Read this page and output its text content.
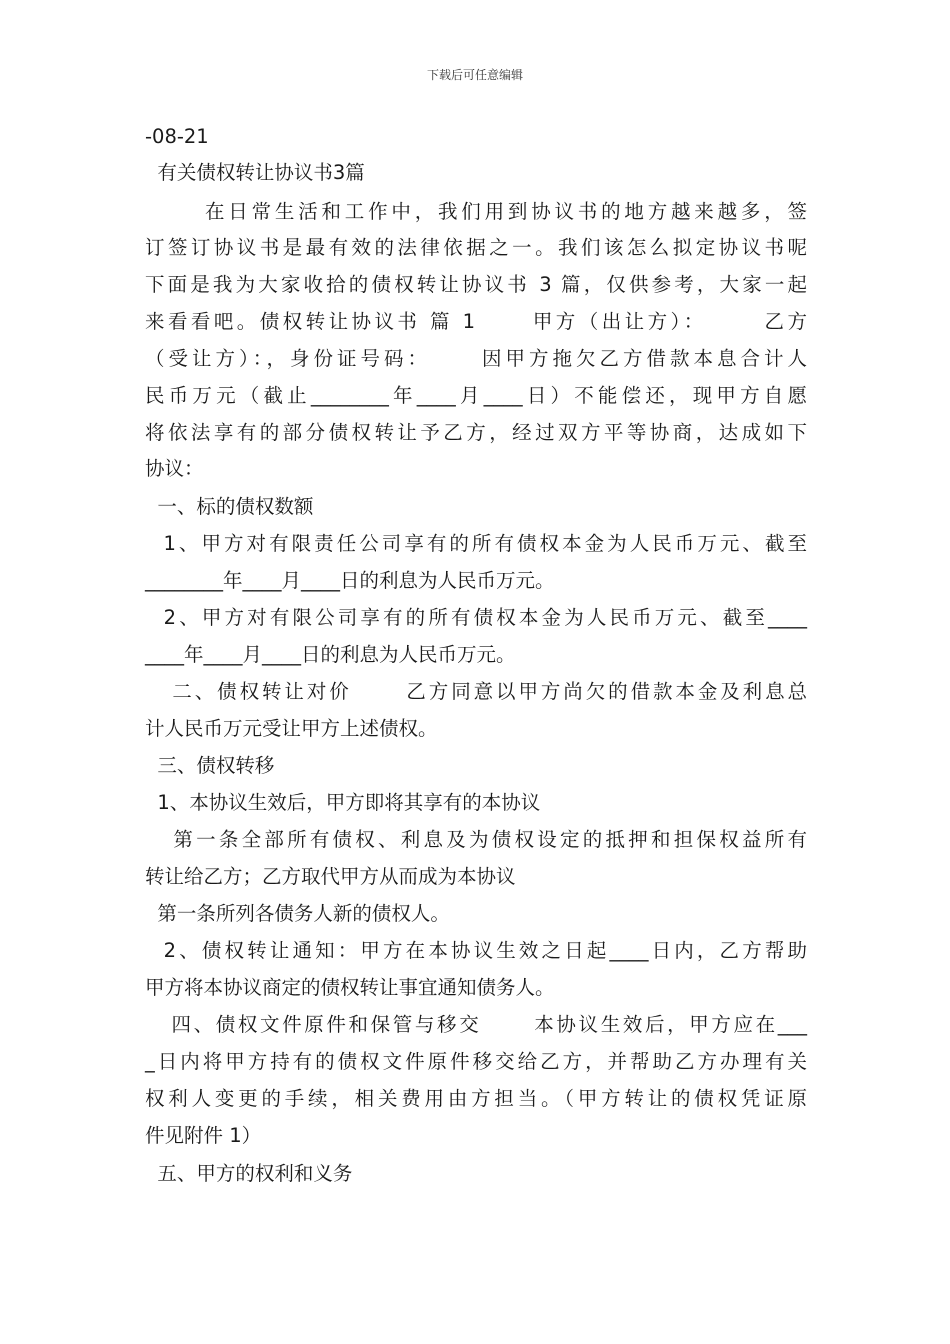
下载后可任意编辑
-08-21
有关债权转让协议书3篇
在日常生活和工作中，我们用到协议书的地方越来越多，签
订签订协议书是最有效的法律依据之一。我们该怎么拟定协议书呢
下面是我为大家收拾的债权转让协议书 3 篇，仅供参考，大家一起
来看看吧。债权转让协议书 篇 1      甲方（出让方）：      乙方
（受让方）：，身份证号码：     因甲方拖欠乙方借款本息合计人
民币万元（截止________年____月____日）不能偿还，现甲方自愿
将依法享有的部分债权转让予乙方，经过双方平等协商，达成如下
协议：
一、标的债权数额
1、甲方对有限责任公司享有的所有债权本金为人民币万元、截至
________年____月____日的利息为人民币万元。
2、甲方对有限公司享有的所有债权本金为人民币万元、截至____
____年____月____日的利息为人民币万元。
二、债权转让对价      乙方同意以甲方尚欠的借款本金及利息总
计人民币万元受让甲方上述债权。
三、债权转移
1、本协议生效后，甲方即将其享有的本协议
第一条全部所有债权、利息及为债权设定的抵押和担保权益所有
转让给乙方；乙方取代甲方从而成为本协议
第一条所列各债务人新的债权人。
2、债权转让通知：甲方在本协议生效之日起____日内，乙方帮助
甲方将本协议商定的债权转让事宜通知债务人。
四、债权文件原件和保管与移交      本协议生效后，甲方应在___
_日内将甲方持有的债权文件原件移交给乙方，并帮助乙方办理有关
权利人变更的手续，相关费用由方担当。（甲方转让的债权凭证原
件见附件 1）
五、甲方的权利和义务
